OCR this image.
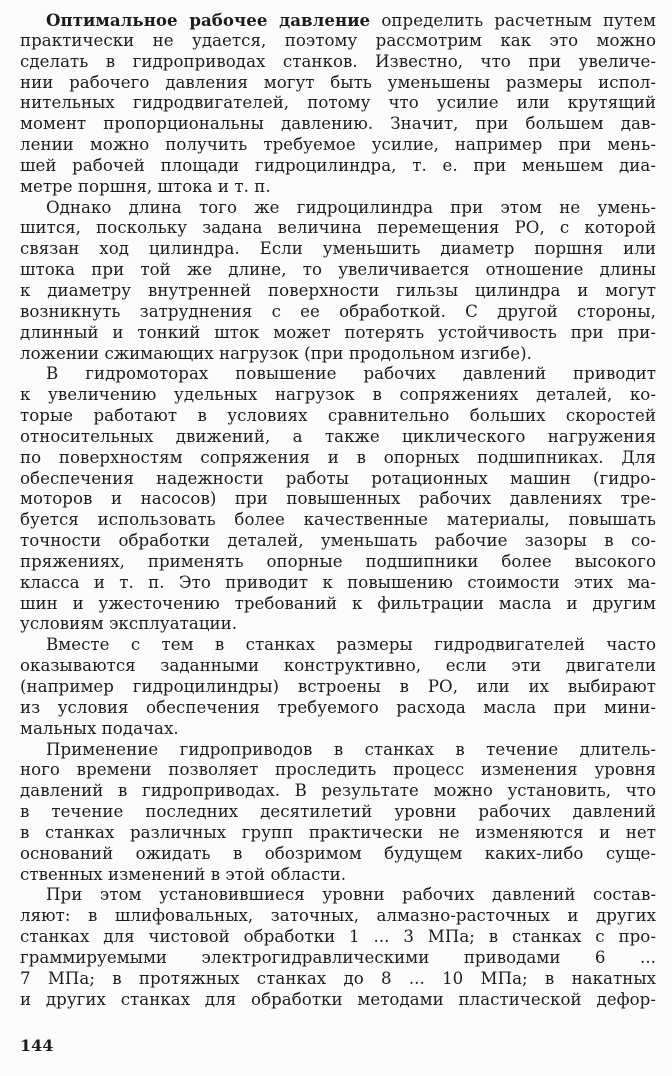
Оптимальное рабочее давление определить расчетным путем
практически не удается, поэтому рассмотрим как это можно
сделать в гидроприводах станков. Известно, что при увеличе-
нии рабочего давления могут быть уменьшены размеры испол-
нительных гидродвигателей, потому что усилие или крутящий
момент пропорциональны давлению. Значит, при большем дав-
лении можно получить требуемое усилие, например при мень-
шей рабочей площади гидроцилиндра, т. е. при меньшем диа-
метре поршня, штока и т. п.
Однако длина того же гидроцилиндра при этом не умень-
шится, поскольку задана величина перемещения РО, с которой
связан ход цилиндра. Если уменьшить диаметр поршня или
штока при той же длине, то увеличивается отношение длины
к диаметру внутренней поверхности гильзы цилиндра и могут
возникнуть затруднения с ее обработкой. С другой стороны,
длинный и тонкий шток может потерять устойчивость при при-
ложении сжимающих нагрузок (при продольном изгибе).
В гидромоторах повышение рабочих давлений приводит
к увеличению удельных нагрузок в сопряжениях деталей, ко-
торые работают в условиях сравнительно больших скоростей
относительных движений, а также циклического нагружения
по поверхностям сопряжения и в опорных подшипниках. Для
обеспечения надежности работы ротационных машин (гидро-
моторов и насосов) при повышенных рабочих давлениях тре-
буется использовать более качественные материалы, повышать
точности обработки деталей, уменьшать рабочие зазоры в со-
пряжениях, применять опорные подшипники более высокого
класса и т. п. Это приводит к повышению стоимости этих ма-
шин и ужесточению требований к фильтрации масла и другим
условиям эксплуатации.
Вместе с тем в станках размеры гидродвигателей часто
оказываются заданными конструктивно, если эти двигатели
(например гидроцилиндры) встроены в РО, или их выбирают
из условия обеспечения требуемого расхода масла при мини-
мальных подачах.
Применение гидроприводов в станках в течение длитель-
ного времени позволяет проследить процесс изменения уровня
давлений в гидроприводах. В результате можно установить, что
в течение последних десятилетий уровни рабочих давлений
в станках различных групп практически не изменяются и нет
оснований ожидать в обозримом будущем каких-либо суще-
ственных изменений в этой области.
При этом установившиеся уровни рабочих давлений состав-
ляют: в шлифовальных, заточных, алмазно-расточных и других
станках для чистовой обработки 1 ... 3 МПа; в станках с про-
граммируемыми электрогидравлическими приводами 6 ...
7 МПа; в протяжных станках до 8 ... 10 МПа; в накатных
и других станках для обработки методами пластической дефор-
144
